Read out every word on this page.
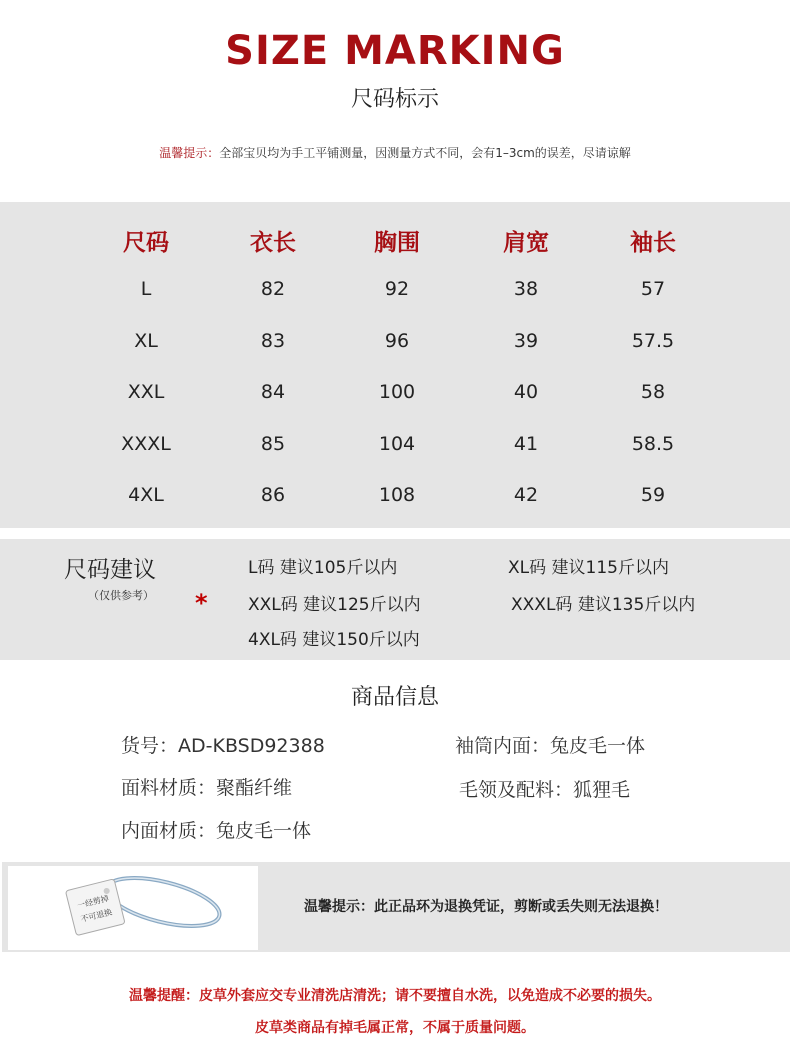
SIZE MARKING
尺码标示
温馨提示：全部宝贝均为手工平铺测量，因测量方式不同，会有1–3cm的误差，尽请谅解
尺码	衣长	胸围	肩宽	袖长
L	82	92	38	57
XL	83	96	39	57.5
XXL	84	100	40	58
XXXL	85	104	41	58.5
4XL	86	108	42	59
尺码建议
（仅供参考） *
L码 建议105斤以内	XL码 建议115斤以内
XXL码 建议125斤以内	XXXL码 建议135斤以内
4XL码 建议150斤以内
商品信息
货号：AD-KBSD92388	袖筒内面：兔皮毛一体
面料材质：聚酯纤维	毛领及配料：狐狸毛
内面材质：兔皮毛一体
一经剪掉
不可退换
温馨提示：此正品环为退换凭证，剪断或丢失则无法退换！
温馨提醒：皮草外套应交专业清洗店清洗；请不要擅自水洗，以免造成不必要的损失。
皮草类商品有掉毛属正常，不属于质量问题。
